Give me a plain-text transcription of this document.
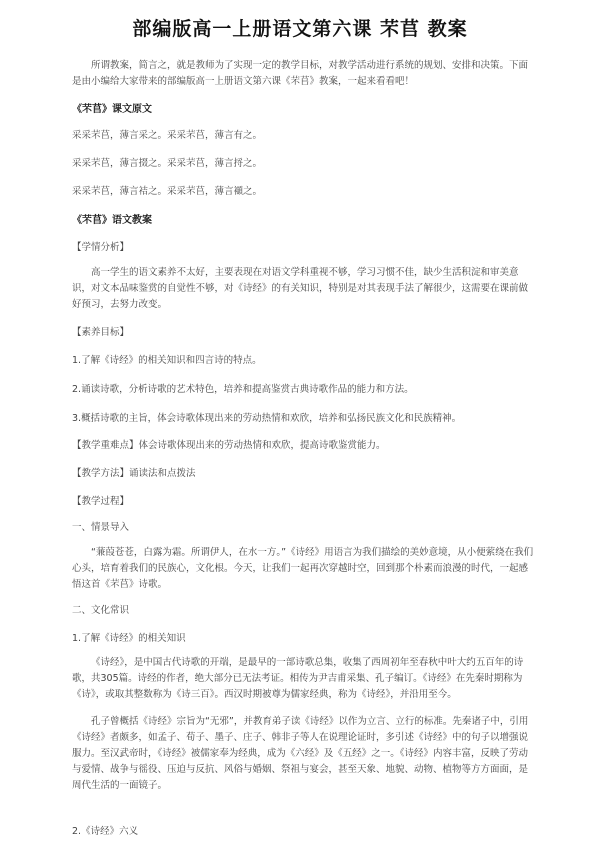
部编版高一上册语文第六课 芣苢 教案

所谓教案，简言之，就是教师为了实现一定的教学目标，对教学活动进行系统的规划、安排和决策。下面是由小编给大家带来的部编版高一上册语文第六课《芣苢》教案，一起来看看吧！

《芣苢》课文原文

采采芣苢，薄言采之。采采芣苢，薄言有之。

采采芣苢，薄言掇之。采采芣苢，薄言捋之。

采采芣苢，薄言袺之。采采芣苢，薄言襭之。

《芣苢》语文教案

【学情分析】

高一学生的语文素养不太好，主要表现在对语文学科重视不够，学习习惯不佳，缺少生活积淀和审美意识，对文本品味鉴赏的自觉性不够，对《诗经》的有关知识，特别是对其表现手法了解很少，这需要在课前做好预习，去努力改变。

【素养目标】

1.了解《诗经》的相关知识和四言诗的特点。

2.诵读诗歌，分析诗歌的艺术特色，培养和提高鉴赏古典诗歌作品的能力和方法。

3.概括诗歌的主旨，体会诗歌体现出来的劳动热情和欢欣，培养和弘扬民族文化和民族精神。

【教学重难点】体会诗歌体现出来的劳动热情和欢欣，提高诗歌鉴赏能力。

【教学方法】诵读法和点拨法

【教学过程】

一、情景导入

“蒹葭苍苍，白露为霜。所谓伊人，在水一方。”《诗经》用语言为我们描绘的美妙意境，从小便萦绕在我们心头，培育着我们的民族心，文化根。今天，让我们一起再次穿越时空，回到那个朴素而浪漫的时代，一起感悟这首《芣苢》诗歌。

二、文化常识

1.了解《诗经》的相关知识

《诗经》，是中国古代诗歌的开端，是最早的一部诗歌总集，收集了西周初年至春秋中叶大约五百年的诗歌，共305篇。诗经的作者，绝大部分已无法考证。相传为尹吉甫采集、孔子编订。《诗经》在先秦时期称为《诗》，或取其整数称为《诗三百》。西汉时期被尊为儒家经典，称为《诗经》，并沿用至今。

孔子曾概括《诗经》宗旨为“无邪”，并教育弟子读《诗经》以作为立言、立行的标准。先秦诸子中，引用《诗经》者颇多，如孟子、荀子、墨子、庄子、韩非子等人在说理论证时，多引述《诗经》中的句子以增强说服力。至汉武帝时，《诗经》被儒家奉为经典，成为《六经》及《五经》之一。《诗经》内容丰富，反映了劳动与爱情、战争与徭役、压迫与反抗、风俗与婚姻、祭祖与宴会，甚至天象、地貌、动物、植物等方方面面，是周代生活的一面镜子。

2.《诗经》六义
